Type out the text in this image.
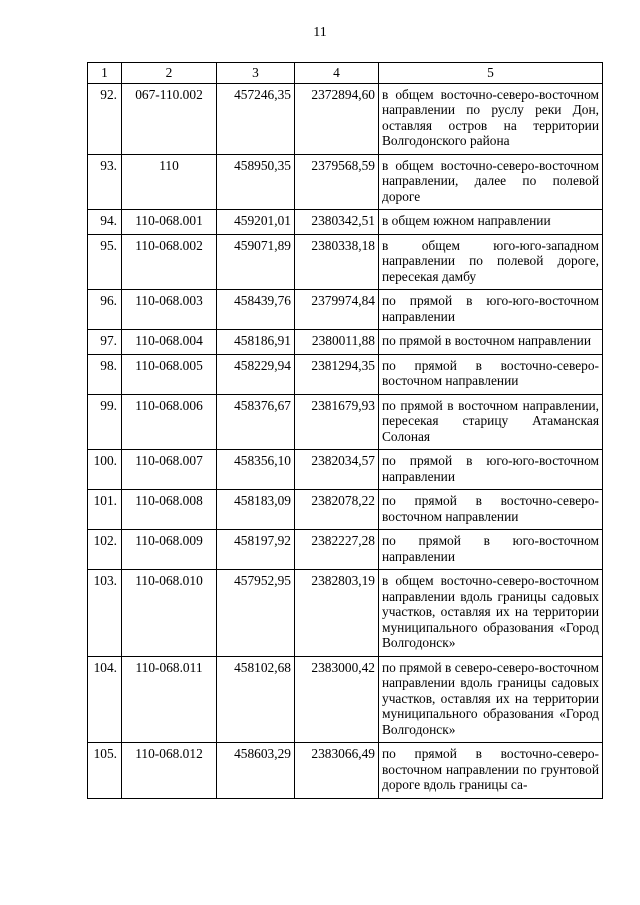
11
1	2	3	4	5
92.	067-110.002	457246,35	2372894,60	в общем восточно-северо-восточном направлении по руслу реки Дон, оставляя остров на территории Волгодонского района
93.	110	458950,35	2379568,59	в общем восточно-северо-восточном направлении, далее по полевой дороге
94.	110-068.001	459201,01	2380342,51	в общем южном направлении
95.	110-068.002	459071,89	2380338,18	в общем юго-юго-западном направлении по полевой дороге, пересекая дамбу
96.	110-068.003	458439,76	2379974,84	по прямой в юго-юго-восточном направлении
97.	110-068.004	458186,91	2380011,88	по прямой в восточном направлении
98.	110-068.005	458229,94	2381294,35	по прямой в восточно-северо-восточном направлении
99.	110-068.006	458376,67	2381679,93	по прямой в восточном направлении, пересекая старицу Атаманская Солоная
100.	110-068.007	458356,10	2382034,57	по прямой в юго-юго-восточном направлении
101.	110-068.008	458183,09	2382078,22	по прямой в восточно-северо-восточном направлении
102.	110-068.009	458197,92	2382227,28	по прямой в юго-восточном направлении
103.	110-068.010	457952,95	2382803,19	в общем восточно-северо-восточном направлении вдоль границы садовых участков, оставляя их на территории муниципального образования «Город Волгодонск»
104.	110-068.011	458102,68	2383000,42	по прямой в северо-северо-восточном направлении вдоль границы садовых участков, оставляя их на территории муниципального образования «Город Волгодонск»
105.	110-068.012	458603,29	2383066,49	по прямой в восточно-северо-восточном направлении по грунтовой дороге вдоль границы са-
